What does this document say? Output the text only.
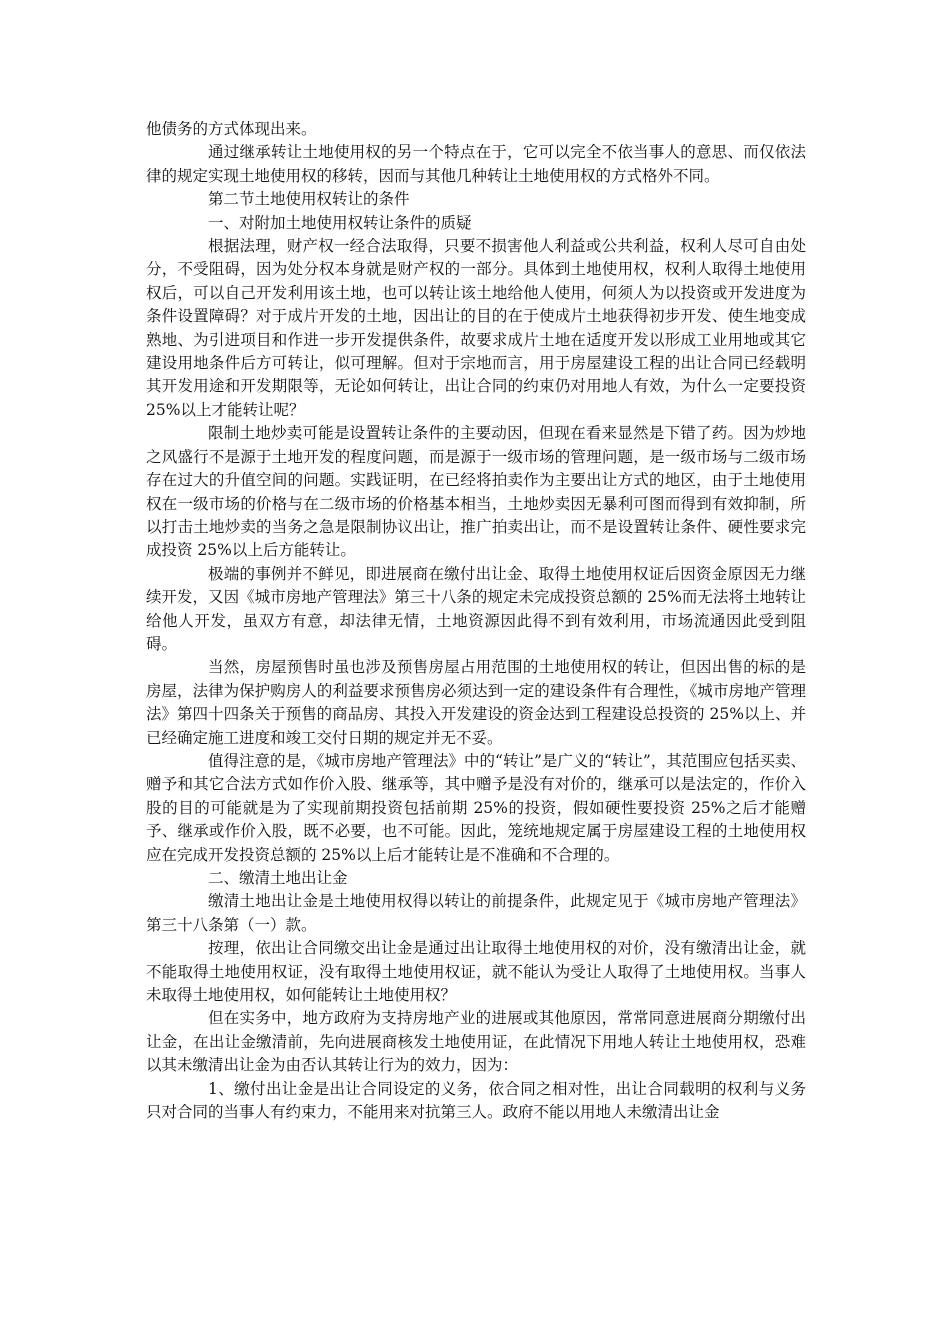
他债务的方式体现出来。

通过继承转让土地使用权的另一个特点在于，它可以完全不依当事人的意思、而仅依法律的规定实现土地使用权的移转，因而与其他几种转让土地使用权的方式格外不同。

第二节土地使用权转让的条件

一、对附加土地使用权转让条件的质疑

根据法理，财产权一经合法取得，只要不损害他人利益或公共利益，权利人尽可自由处分，不受阻碍，因为处分权本身就是财产权的一部分。具体到土地使用权，权利人取得土地使用权后，可以自己开发利用该土地，也可以转让该土地给他人使用，何须人为以投资或开发进度为条件设置障碍？对于成片开发的土地，因出让的目的在于使成片土地获得初步开发、使生地变成熟地、为引进项目和作进一步开发提供条件，故要求成片土地在适度开发以形成工业用地或其它建设用地条件后方可转让，似可理解。但对于宗地而言，用于房屋建设工程的出让合同已经载明其开发用途和开发期限等，无论如何转让，出让合同的约束仍对用地人有效，为什么一定要投资 25%以上才能转让呢？

限制土地炒卖可能是设置转让条件的主要动因，但现在看来显然是下错了药。因为炒地之风盛行不是源于土地开发的程度问题，而是源于一级市场的管理问题，是一级市场与二级市场存在过大的升值空间的问题。实践证明，在已经将拍卖作为主要出让方式的地区，由于土地使用权在一级市场的价格与在二级市场的价格基本相当，土地炒卖因无暴利可图而得到有效抑制，所以打击土地炒卖的当务之急是限制协议出让，推广拍卖出让，而不是设置转让条件、硬性要求完成投资 25%以上后方能转让。

极端的事例并不鲜见，即进展商在缴付出让金、取得土地使用权证后因资金原因无力继续开发，又因《城市房地产管理法》第三十八条的规定未完成投资总额的 25%而无法将土地转让给他人开发，虽双方有意，却法律无情，土地资源因此得不到有效利用，市场流通因此受到阻碍。

当然，房屋预售时虽也涉及预售房屋占用范围的土地使用权的转让，但因出售的标的是房屋，法律为保护购房人的利益要求预售房必须达到一定的建设条件有合理性，《城市房地产管理法》第四十四条关于预售的商品房、其投入开发建设的资金达到工程建设总投资的 25%以上、并已经确定施工进度和竣工交付日期的规定并无不妥。

值得注意的是，《城市房地产管理法》中的“转让”是广义的“转让”，其范围应包括买卖、赠予和其它合法方式如作价入股、继承等，其中赠予是没有对价的，继承可以是法定的，作价入股的目的可能就是为了实现前期投资包括前期 25%的投资，假如硬性要投资 25%之后才能赠予、继承或作价入股，既不必要，也不可能。因此，笼统地规定属于房屋建设工程的土地使用权应在完成开发投资总额的 25%以上后才能转让是不准确和不合理的。

二、缴清土地出让金

缴清土地出让金是土地使用权得以转让的前提条件，此规定见于《城市房地产管理法》第三十八条第（一）款。

按理，依出让合同缴交出让金是通过出让取得土地使用权的对价，没有缴清出让金，就不能取得土地使用权证，没有取得土地使用权证，就不能认为受让人取得了土地使用权。当事人未取得土地使用权，如何能转让土地使用权？

但在实务中，地方政府为支持房地产业的进展或其他原因，常常同意进展商分期缴付出让金，在出让金缴清前，先向进展商核发土地使用证，在此情况下用地人转让土地使用权，恐难以其未缴清出让金为由否认其转让行为的效力，因为：

1、缴付出让金是出让合同设定的义务，依合同之相对性，出让合同载明的权利与义务只对合同的当事人有约束力，不能用来对抗第三人。政府不能以用地人未缴清出让金
